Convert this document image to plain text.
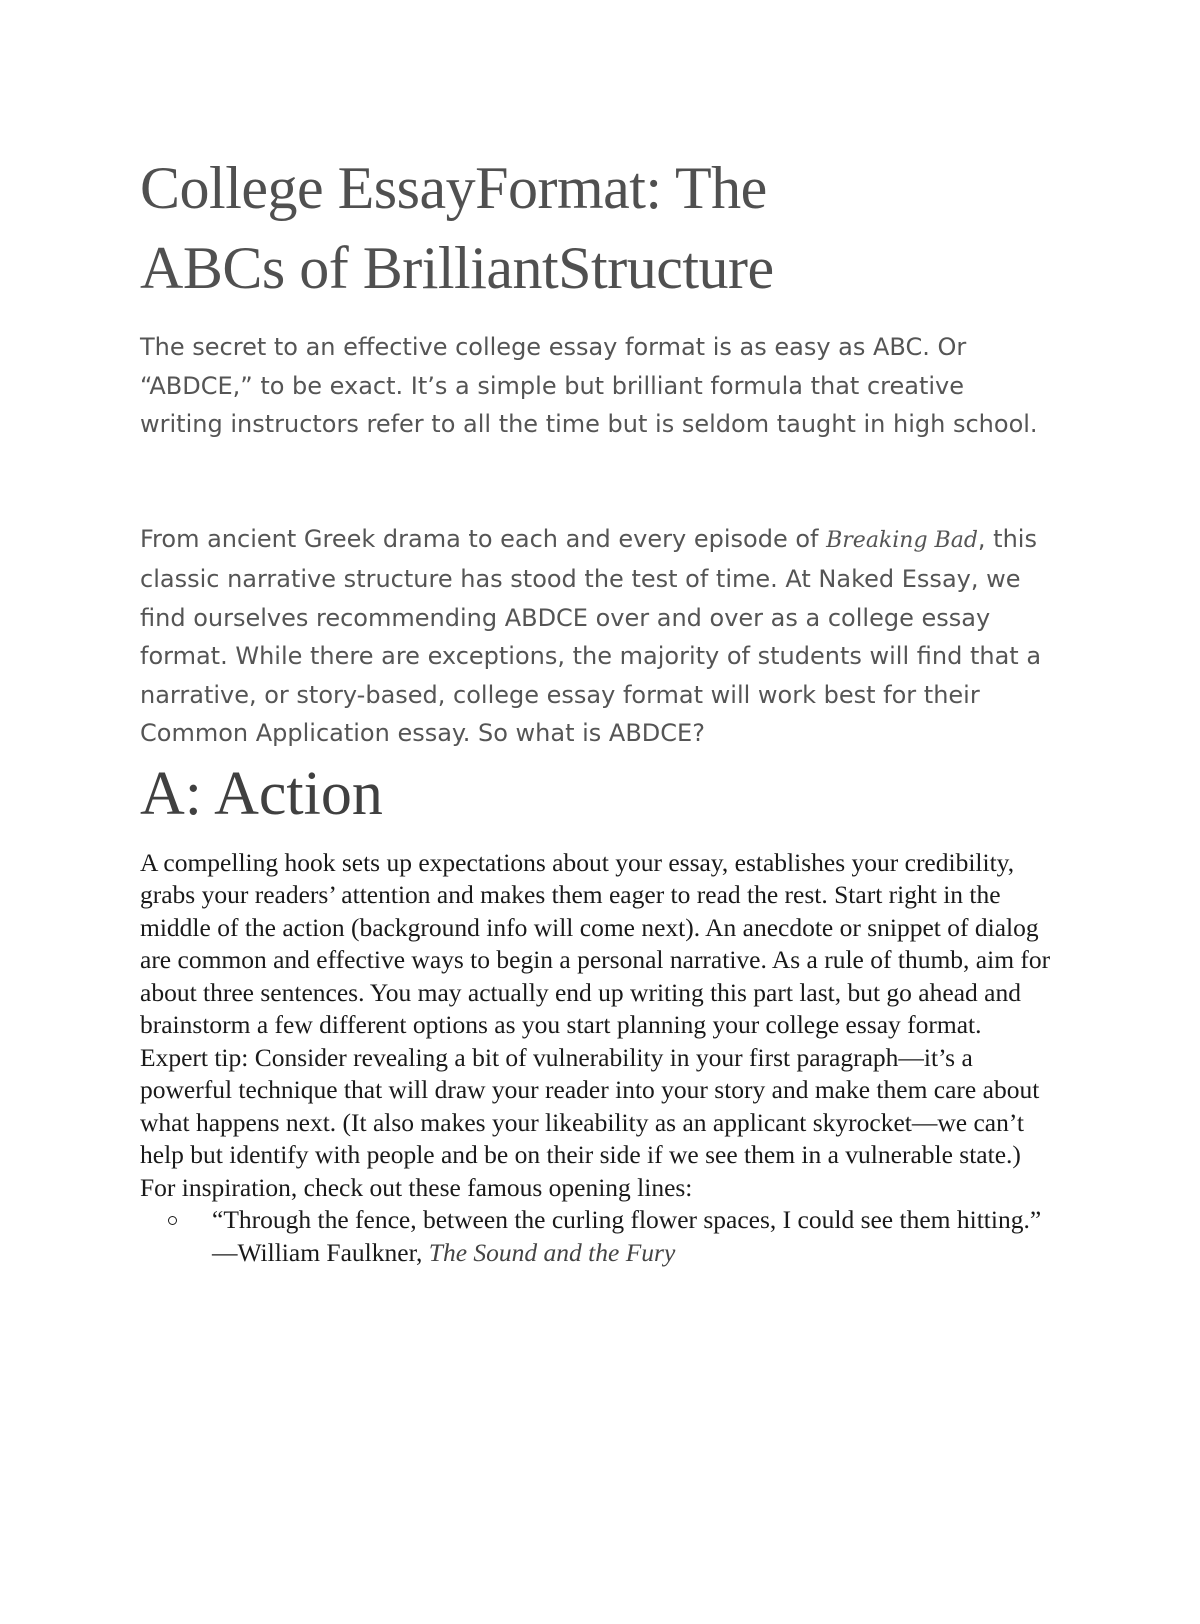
College EssayFormat: The
ABCs of BrilliantStructure

The secret to an effective college essay format is as easy as ABC. Or “ABDCE,” to be exact. It’s a simple but brilliant formula that creative writing instructors refer to all the time but is seldom taught in high school.

From ancient Greek drama to each and every episode of Breaking Bad, this classic narrative structure has stood the test of time. At Naked Essay, we find ourselves recommending ABDCE over and over as a college essay format. While there are exceptions, the majority of students will find that a narrative, or story-based, college essay format will work best for their Common Application essay. So what is ABDCE?

A: Action

A compelling hook sets up expectations about your essay, establishes your credibility, grabs your readers’ attention and makes them eager to read the rest. Start right in the middle of the action (background info will come next). An anecdote or snippet of dialog are common and effective ways to begin a personal narrative. As a rule of thumb, aim for about three sentences. You may actually end up writing this part last, but go ahead and brainstorm a few different options as you start planning your college essay format.

Expert tip: Consider revealing a bit of vulnerability in your first paragraph—it’s a powerful technique that will draw your reader into your story and make them care about what happens next. (It also makes your likeability as an applicant skyrocket—we can’t help but identify with people and be on their side if we see them in a vulnerable state.)

For inspiration, check out these famous opening lines:

“Through the fence, between the curling flower spaces, I could see them hitting.” —William Faulkner, The Sound and the Fury
